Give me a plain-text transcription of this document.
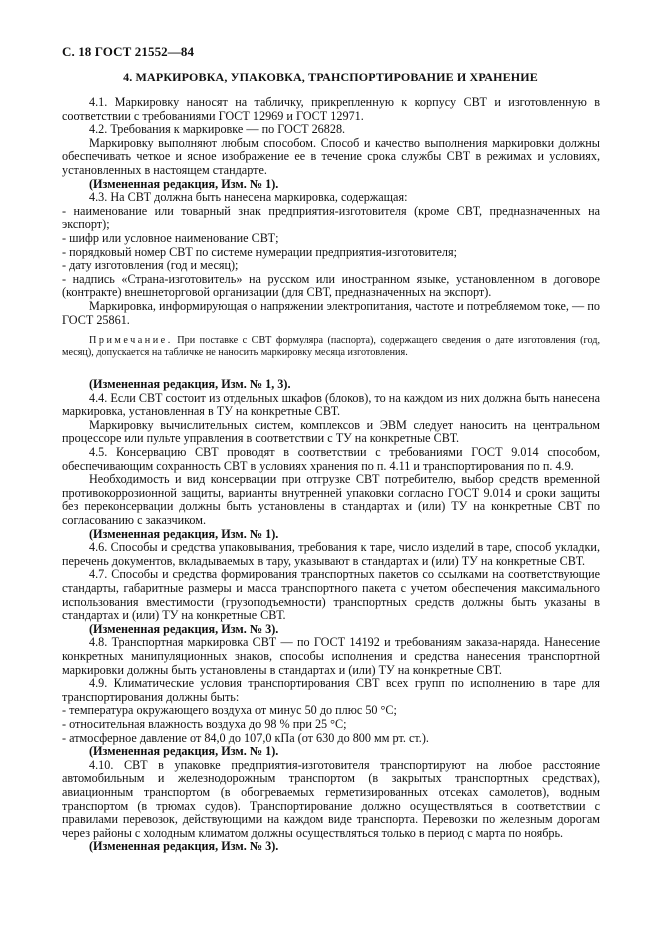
С. 18 ГОСТ 21552—84
4. МАРКИРОВКА, УПАКОВКА, ТРАНСПОРТИРОВАНИЕ И ХРАНЕНИЕ

4.1. Маркировку наносят на табличку, прикрепленную к корпусу СВТ и изготовленную в соответствии с требованиями ГОСТ 12969 и ГОСТ 12971.

4.2. Требования к маркировке — по ГОСТ 26828.

Маркировку выполняют любым способом. Способ и качество выполнения маркировки должны обеспечивать четкое и ясное изображение ее в течение срока службы СВТ в режимах и условиях, установленных в настоящем стандарте.

(Измененная редакция, Изм. № 1).

4.3. На СВТ должна быть нанесена маркировка, содержащая:

- наименование или товарный знак предприятия-изготовителя (кроме СВТ, предназначенных на экспорт);

- шифр или условное наименование СВТ;

- порядковый номер СВТ по системе нумерации предприятия-изготовителя;

- дату изготовления (год и месяц);

- надпись «Страна-изготовитель» на русском или иностранном языке, установленном в договоре (контракте) внешнеторговой организации (для СВТ, предназначенных на экспорт).

Маркировка, информирующая о напряжении электропитания, частоте и потребляемом токе, — по ГОСТ 25861.

Примечание. При поставке с СВТ формуляра (паспорта), содержащего сведения о дате изготовления (год, месяц), допускается на табличке не наносить маркировку месяца изготовления.

(Измененная редакция, Изм. № 1, 3).

4.4. Если СВТ состоит из отдельных шкафов (блоков), то на каждом из них должна быть нанесена маркировка, установленная в ТУ на конкретные СВТ.

Маркировку вычислительных систем, комплексов и ЭВМ следует наносить на центральном процессоре или пульте управления в соответствии с ТУ на конкретные СВТ.

4.5. Консервацию СВТ проводят в соответствии с требованиями ГОСТ 9.014 способом, обеспечивающим сохранность СВТ в условиях хранения по п. 4.11 и транспортирования по п. 4.9.

Необходимость и вид консервации при отгрузке СВТ потребителю, выбор средств временной противокоррозионной защиты, варианты внутренней упаковки согласно ГОСТ 9.014 и сроки защиты без переконсервации должны быть установлены в стандартах и (или) ТУ на конкретные СВТ по согласованию с заказчиком.

(Измененная редакция, Изм. № 1).

4.6. Способы и средства упаковывания, требования к таре, число изделий в таре, способ укладки, перечень документов, вкладываемых в тару, указывают в стандартах и (или) ТУ на конкретные СВТ.

4.7. Способы и средства формирования транспортных пакетов со ссылками на соответствующие стандарты, габаритные размеры и масса транспортного пакета с учетом обеспечения максимального использования вместимости (грузоподъемности) транспортных средств должны быть указаны в стандартах и (или) ТУ на конкретные СВТ.

(Измененная редакция, Изм. № 3).

4.8. Транспортная маркировка СВТ — по ГОСТ 14192 и требованиям заказа-наряда. Нанесение конкретных манипуляционных знаков, способы исполнения и средства нанесения транспортной маркировки должны быть установлены в стандартах и (или) ТУ на конкретные СВТ.

4.9. Климатические условия транспортирования СВТ всех групп по исполнению в таре для транспортирования должны быть:

- температура окружающего воздуха от минус 50 до плюс 50 °С;

- относительная влажность воздуха до 98 % при 25 °С;

- атмосферное давление от 84,0 до 107,0 кПа (от 630 до 800 мм рт. ст.).

(Измененная редакция, Изм. № 1).

4.10. СВТ в упаковке предприятия-изготовителя транспортируют на любое расстояние автомобильным и железнодорожным транспортом (в закрытых транспортных средствах), авиационным транспортом (в обогреваемых герметизированных отсеках самолетов), водным транспортом (в трюмах судов). Транспортирование должно осуществляться в соответствии с правилами перевозок, действующими на каждом виде транспорта. Перевозки по железным дорогам через районы с холодным климатом должны осуществляться только в период с марта по ноябрь.

(Измененная редакция, Изм. № 3).
